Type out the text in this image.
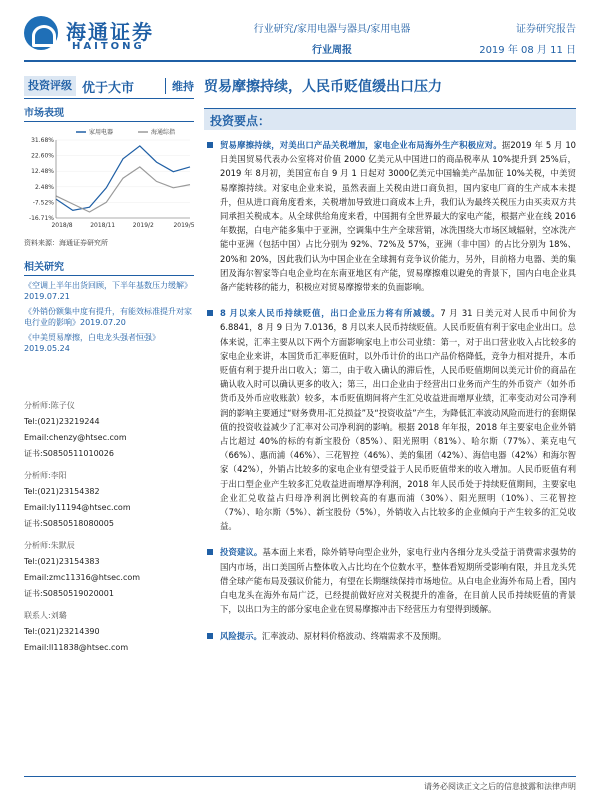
海通证券
HAITONG
行业研究/家用电器与器具/家用电器
行业周报
证券研究报告
2019 年 08 月 11 日
投资评级 优于大市	维持 贸易摩擦持续，人民币贬值缓出口压力
市场表现
31.68%
22.60%
12.48%
2.48%
-7.52%
-16.71%
2018/8	2018/11	2019/2	2019/5
家用电器	海通综指
资料来源：海通证券研究所
相关研究
《空调上半年出货回顾，下半年基数压力缓解》2019.07.21
《外销份额集中度有提升，有能效标准提升对家电行业的影响》2019.07.20
《中美贸易摩擦，白电龙头强者恒强》2019.05.24
分析师:陈子仪
Tel:(021)23219244
Email:chenzy@htsec.com
证书:S0850511010026
分析师:李阳
Tel:(021)23154382
Email:ly11194@htsec.com
证书:S0850518080005
分析师:朱默辰
Tel:(021)23154383
Email:zmc11316@htsec.com
证书:S0850519020001
联系人:刘璐
Tel:(021)23214390
Email:ll11838@htsec.com
投资要点：
贸易摩擦持续，对美出口产品关税增加，家电企业布局海外生产积极应对。据2019 年 5 月 10 日美国贸易代表办公室将对价值 2000 亿美元从中国进口的商品税率从 10%提升到 25%后，2019 年 8月初，美国宣布自 9 月 1 日起对 3000亿美元中国输美产品加征 10%关税，中美贸易摩擦持续。对家电企业来说，虽然表面上关税由进口商负担，国内家电厂商的生产成本未提升，但从进口商角度看来，关税增加导致进口商成本上升，我们认为最终关税压力由买卖双方共同承担关税成本。从全球供给角度来看，中国拥有全世界最大的家电产能，根据产业在线 2016 年数据，白电产能多集中于亚洲，空调集中生产全球营销，冰洗围绕大市场区域辐射，空冰洗产能中亚洲（包括中国）占比分别为 92%、72%及 57%，亚洲（非中国）的占比分别为 18%、20%和 20%，因此我们认为中国企业在全球拥有竞争议价能力，另外，目前格力电器、美的集团及海尔智家等白电企业均在东南亚地区有产能，贸易摩擦难以避免的背景下，国内白电企业具备产能转移的能力，积极应对贸易摩擦带来的负面影响。
8 月以来人民币持续贬值，出口企业压力将有所减缓。7 月 31 日美元对人民币中间价为 6.8841，8 月 9 日为 7.0136，8 月以来人民币持续贬值。人民币贬值有利于家电企业出口。总体来说，汇率主要从以下两个方面影响家电上市公司业绩：第一，对于出口营业收入占比较多的家电企业来讲，本国货币汇率贬值时，以外币计价的出口产品价格降低，竞争力相对提升，本币贬值有利于提升出口收入；第二，由于收入确认的滞后性，人民币贬值期间以美元计价的商品在确认收入时可以确认更多的收入；第三，出口企业由于经营出口业务而产生的外币资产（如外币货币及外币应收账款）较多，本币贬值期间将产生汇兑收益进而增厚业绩，汇率变动对公司净利润的影响主要通过“财务费用-汇兑损益”及“投资收益”产生，为降低汇率波动风险而进行的套期保值的投资收益减少了汇率对公司净利润的影响。根据 2018 年年报，2018 年主要家电企业外销占比超过 40%的标的有新宝股份（85%）、阳光照明（81%）、哈尔斯（77%）、莱克电气（66%）、惠而浦（46%）、三花智控（46%）、美的集团（42%）、海信电器（42%）和海尔智家（42%），外销占比较多的家电企业有望受益于人民币贬值带来的收入增加。人民币贬值有利于出口型企业产生较多汇兑收益进而增厚净利润，2018 年人民币处于持续贬值期间，主要家电企业汇兑收益占归母净利润比例较高的有惠而浦（30%）、阳光照明（10%）、三花智控（7%）、哈尔斯（5%）、新宝股份（5%），外销收入占比较多的企业倾向于产生较多的汇兑收益。
投资建议。基本面上来看，除外销导向型企业外，家电行业内各细分龙头受益于消费需求强势的国内市场，出口美国所占整体收入占比均在个位数水平，整体看短期所受影响有限，并且龙头凭借全球产能布局及强议价能力，有望在长期继续保持市场地位。从白电企业海外布局上看，国内白电龙头在海外布局广泛，已经提前做好应对关税提升的准备，在目前人民币持续贬值的背景下，以出口为主的部分家电企业在贸易摩擦冲击下经营压力有望得到缓解。
风险提示。汇率波动、原材料价格波动、终端需求不及预期。
请务必阅读正文之后的信息披露和法律声明
